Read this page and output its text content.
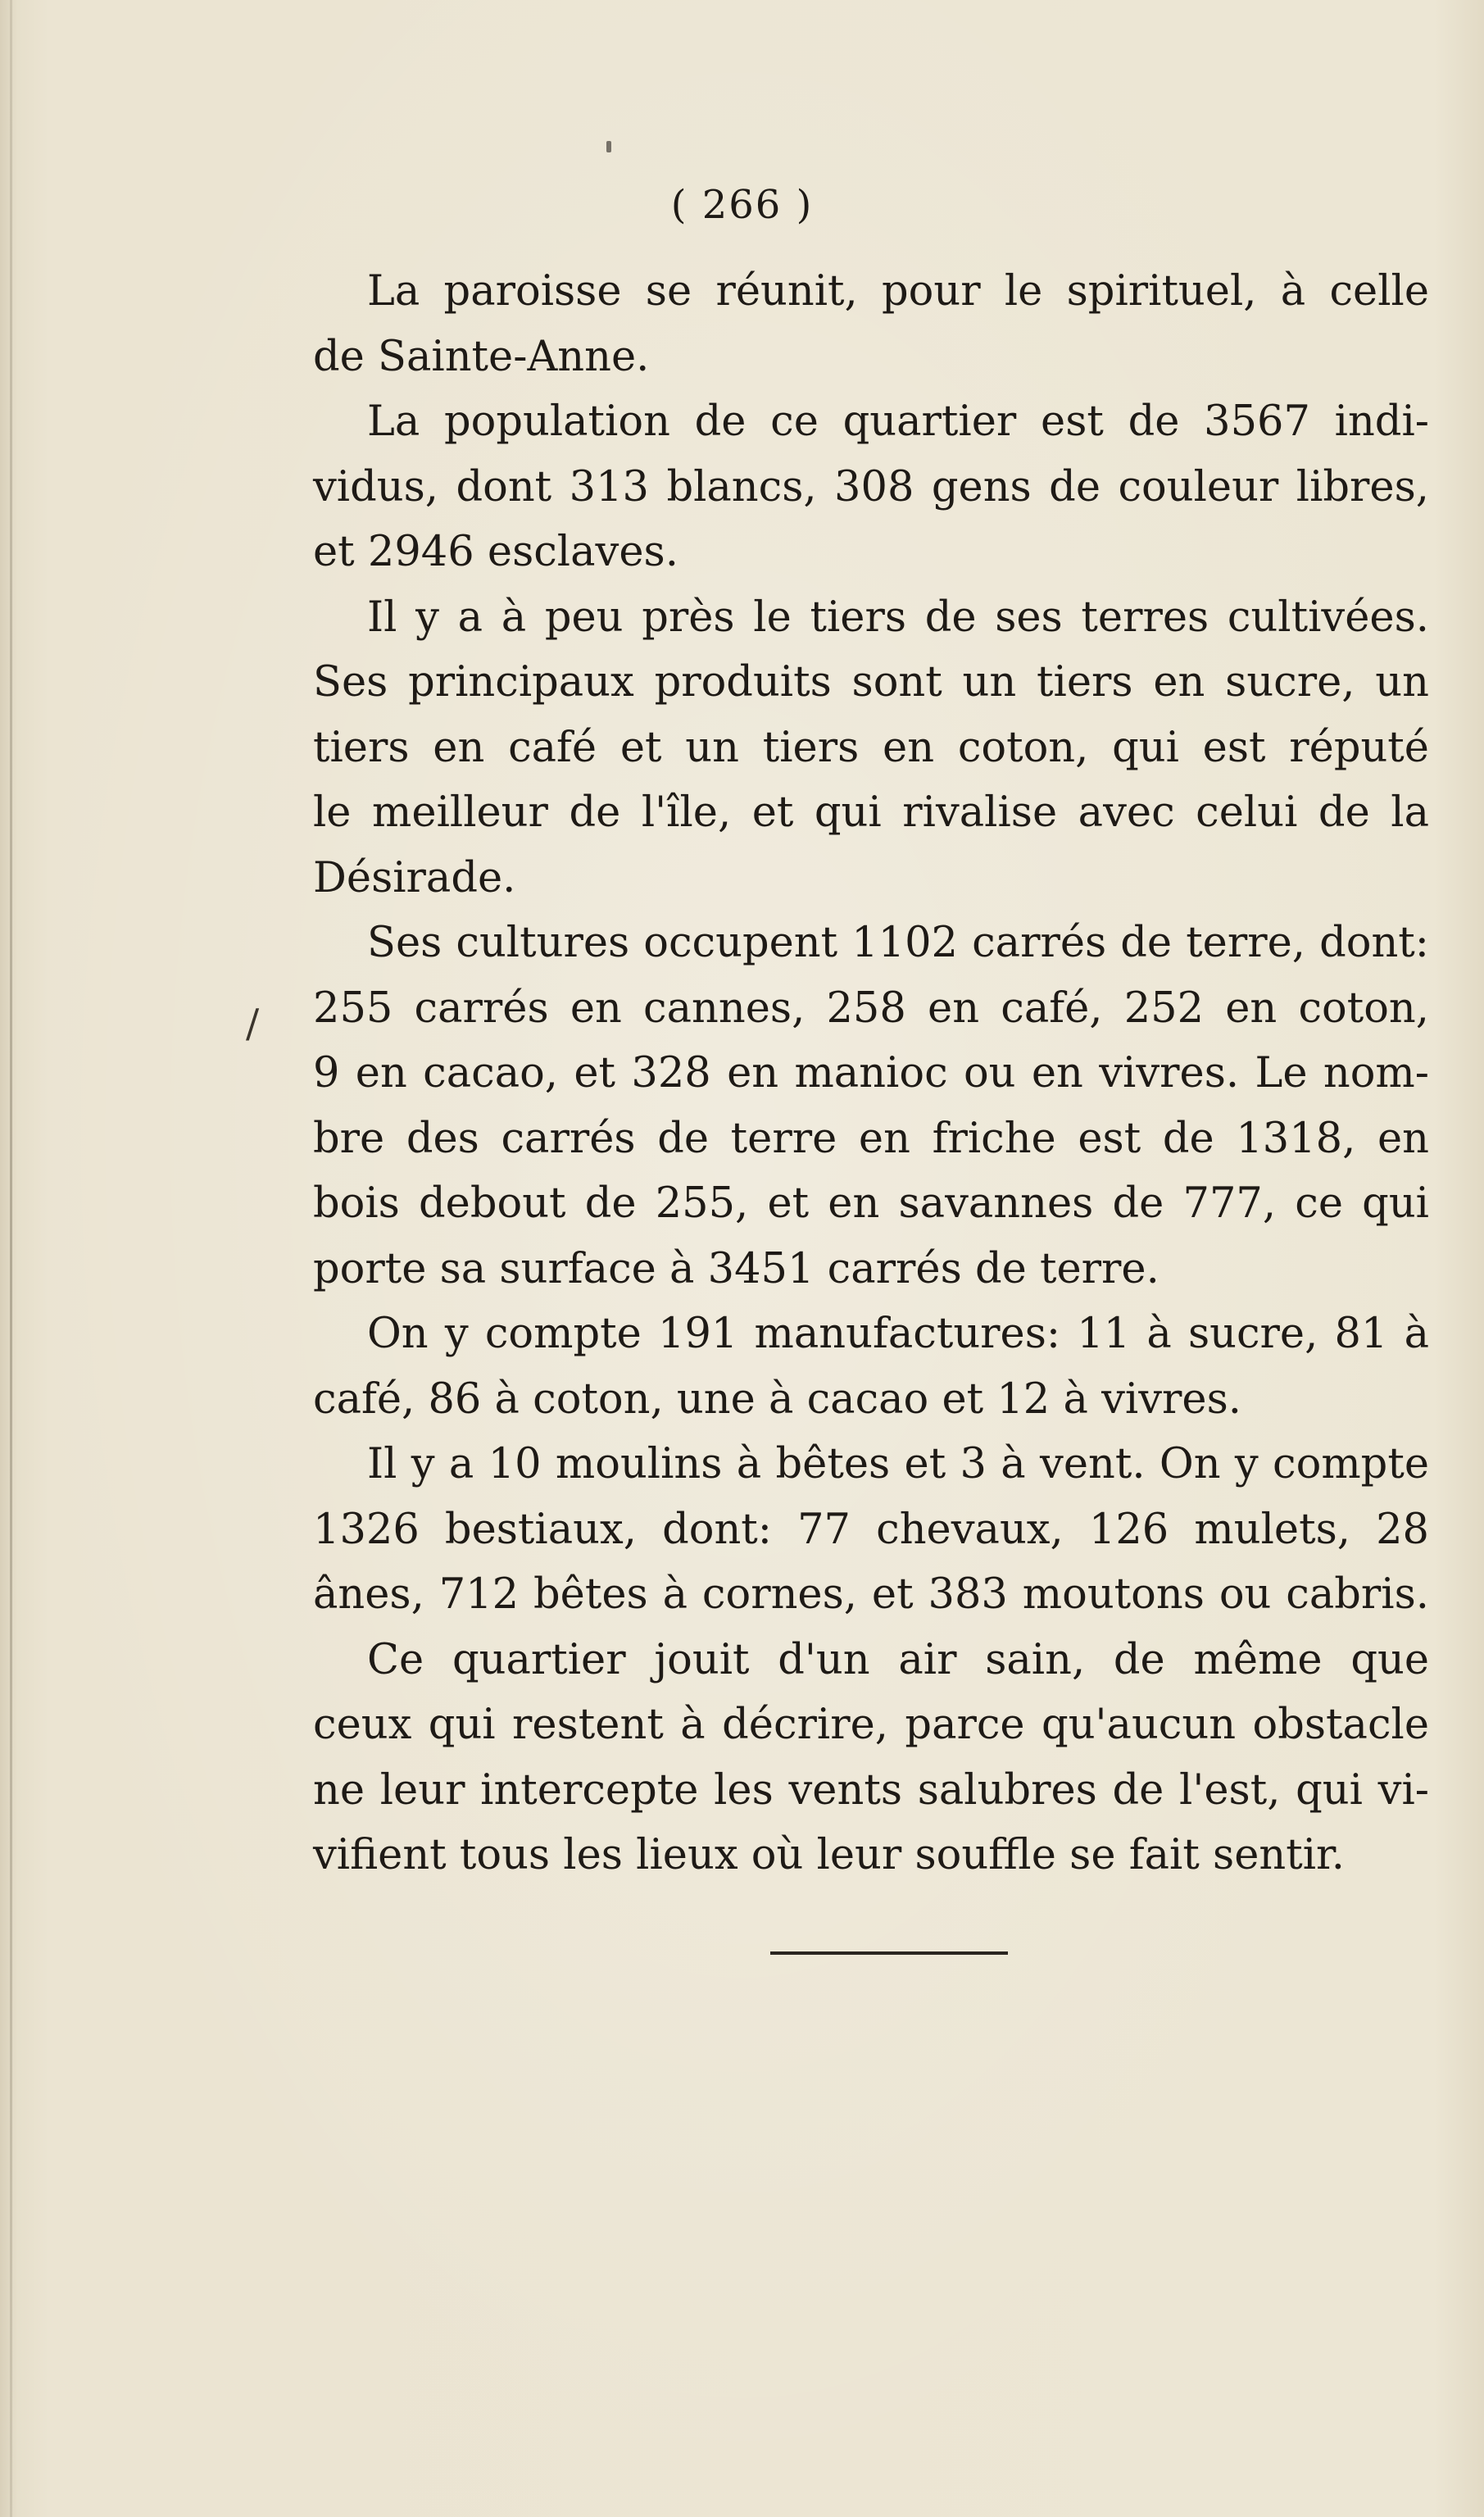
( 266 )
/
La paroisse se réunit, pour le spirituel, à celle
de Sainte-Anne.
La population de ce quartier est de 3567 indi-
vidus, dont 313 blancs, 308 gens de couleur libres,
et 2946 esclaves.
Il y a à peu près le tiers de ses terres cultivées.
Ses principaux produits sont un tiers en sucre, un
tiers en café et un tiers en coton, qui est réputé
le meilleur de l'île, et qui rivalise avec celui de la
Désirade.
Ses cultures occupent 1102 carrés de terre, dont:
255 carrés en cannes, 258 en café, 252 en coton,
9 en cacao, et 328 en manioc ou en vivres. Le nom-
bre des carrés de terre en friche est de 1318, en
bois debout de 255, et en savannes de 777, ce qui
porte sa surface à 3451 carrés de terre.
On y compte 191 manufactures: 11 à sucre, 81 à
café, 86 à coton, une à cacao et 12 à vivres.
Il y a 10 moulins à bêtes et 3 à vent. On y compte
1326 bestiaux, dont: 77 chevaux, 126 mulets, 28
ânes, 712 bêtes à cornes, et 383 moutons ou cabris.
Ce quartier jouit d'un air sain, de même que
ceux qui restent à décrire, parce qu'aucun obstacle
ne leur intercepte les vents salubres de l'est, qui vi-
vifient tous les lieux où leur souffle se fait sentir.
